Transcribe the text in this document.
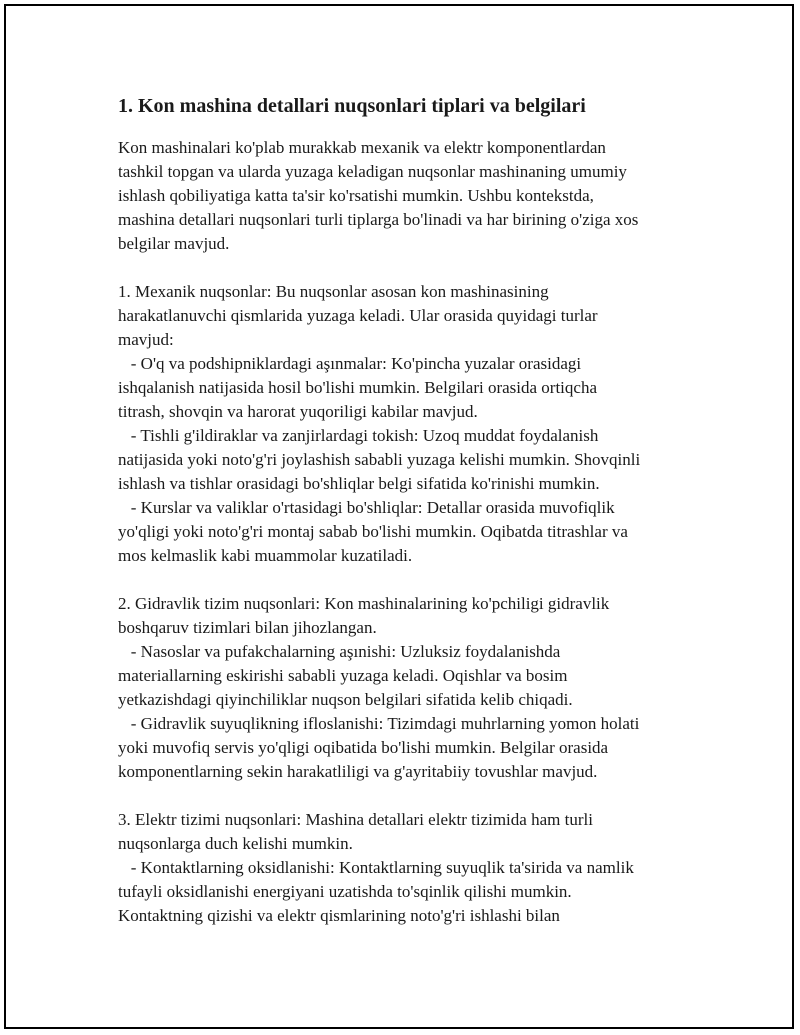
1. Kon mashina detallari nuqsonlari tiplari va belgilari

Kon mashinalari ko'plab murakkab mexanik va elektr komponentlardan
tashkil topgan va ularda yuzaga keladigan nuqsonlar mashinaning umumiy
ishlash qobiliyatiga katta ta'sir ko'rsatishi mumkin. Ushbu kontekstda,
mashina detallari nuqsonlari turli tiplarga bo'linadi va har birining o'ziga xos
belgilar mavjud.

1. Mexanik nuqsonlar: Bu nuqsonlar asosan kon mashinasining
harakatlanuvchi qismlarida yuzaga keladi. Ular orasida quyidagi turlar
mavjud:
- O'q va podshipniklardagi aşınmalar: Ko'pincha yuzalar orasidagi
ishqalanish natijasida hosil bo'lishi mumkin. Belgilari orasida ortiqcha
titrash, shovqin va harorat yuqoriligi kabilar mavjud.
- Tishli g'ildiraklar va zanjirlardagi tokish: Uzoq muddat foydalanish
natijasida yoki noto'g'ri joylashish sababli yuzaga kelishi mumkin. Shovqinli
ishlash va tishlar orasidagi bo'shliqlar belgi sifatida ko'rinishi mumkin.
- Kurslar va valiklar o'rtasidagi bo'shliqlar: Detallar orasida muvofiqlik
yo'qligi yoki noto'g'ri montaj sabab bo'lishi mumkin. Oqibatda titrashlar va
mos kelmaslik kabi muammolar kuzatiladi.

2. Gidravlik tizim nuqsonlari: Kon mashinalarining ko'pchiligi gidravlik
boshqaruv tizimlari bilan jihozlangan.
- Nasoslar va pufakchalarning aşınishi: Uzluksiz foydalanishda
materiallarning eskirishi sababli yuzaga keladi. Oqishlar va bosim
yetkazishdagi qiyinchiliklar nuqson belgilari sifatida kelib chiqadi.
- Gidravlik suyuqlikning ifloslanishi: Tizimdagi muhrlarning yomon holati
yoki muvofiq servis yo'qligi oqibatida bo'lishi mumkin. Belgilar orasida
komponentlarning sekin harakatliligi va g'ayritabiiy tovushlar mavjud.

3. Elektr tizimi nuqsonlari: Mashina detallari elektr tizimida ham turli
nuqsonlarga duch kelishi mumkin.
- Kontaktlarning oksidlanishi: Kontaktlarning suyuqlik ta'sirida va namlik
tufayli oksidlanishi energiyani uzatishda to'sqinlik qilishi mumkin.
Kontaktning qizishi va elektr qismlarining noto'g'ri ishlashi bilan
